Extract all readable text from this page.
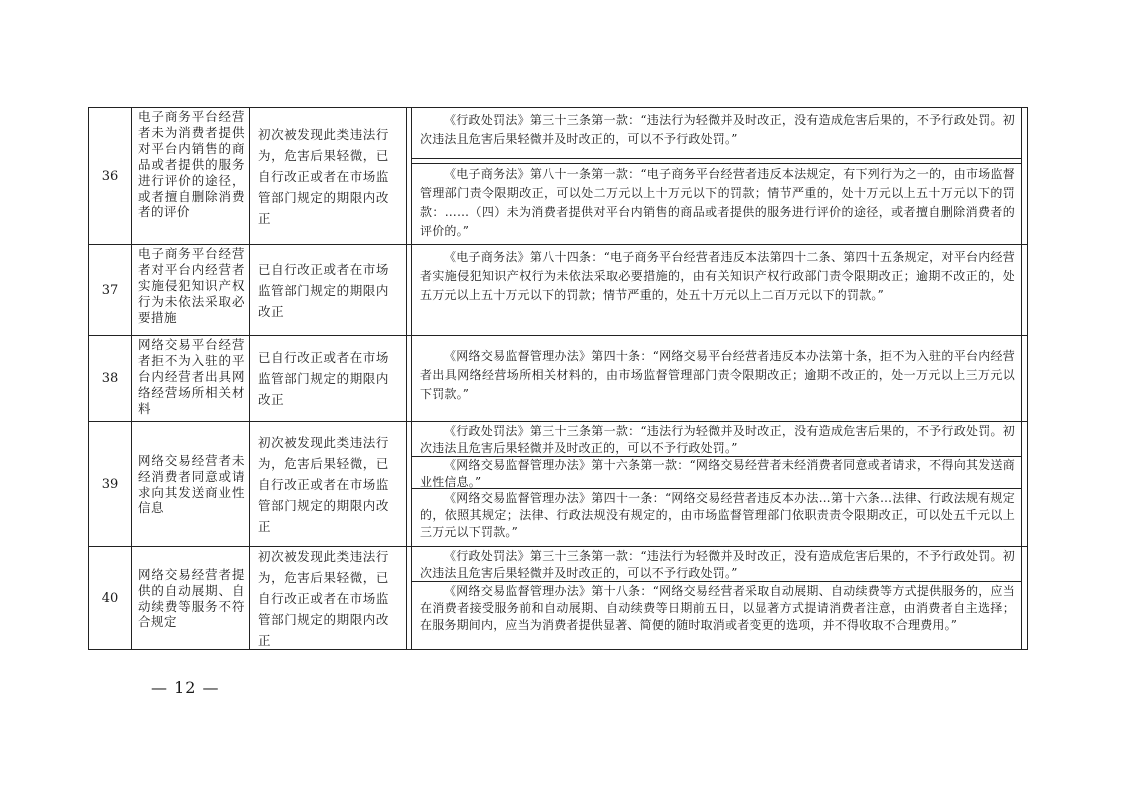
36
电子商务平台经营者未为消费者提供对平台内销售的商品或者提供的服务进行评价的途径，或者擅自删除消费者的评价
初次被发现此类违法行为，危害后果轻微，已自行改正或者在市场监管部门规定的期限内改正
《行政处罚法》第三十三条第一款：“违法行为轻微并及时改正，没有造成危害后果的，不予行政处罚。初次违法且危害后果轻微并及时改正的，可以不予行政处罚。”
《电子商务法》第八十一条第一款：“电子商务平台经营者违反本法规定，有下列行为之一的，由市场监督管理部门责令限期改正，可以处二万元以上十万元以下的罚款；情节严重的，处十万元以上五十万元以下的罚款：……（四）未为消费者提供对平台内销售的商品或者提供的服务进行评价的途径，或者擅自删除消费者的评价的。”
37
电子商务平台经营者对平台内经营者实施侵犯知识产权行为未依法采取必要措施
已自行改正或者在市场监管部门规定的期限内改正
《电子商务法》第八十四条：“电子商务平台经营者违反本法第四十二条、第四十五条规定，对平台内经营者实施侵犯知识产权行为未依法采取必要措施的，由有关知识产权行政部门责令限期改正；逾期不改正的，处五万元以上五十万元以下的罚款；情节严重的，处五十万元以上二百万元以下的罚款。”
38
网络交易平台经营者拒不为入驻的平台内经营者出具网络经营场所相关材料
已自行改正或者在市场监管部门规定的期限内改正
《网络交易监督管理办法》第四十条：“网络交易平台经营者违反本办法第十条，拒不为入驻的平台内经营者出具网络经营场所相关材料的，由市场监督管理部门责令限期改正；逾期不改正的，处一万元以上三万元以下罚款。”
39
网络交易经营者未经消费者同意或请求向其发送商业性信息
初次被发现此类违法行为，危害后果轻微，已自行改正或者在市场监管部门规定的期限内改正
《行政处罚法》第三十三条第一款：“违法行为轻微并及时改正，没有造成危害后果的，不予行政处罚。初次违法且危害后果轻微并及时改正的，可以不予行政处罚。”
《网络交易监督管理办法》第十六条第一款：“网络交易经营者未经消费者同意或者请求，不得向其发送商业性信息。”
《网络交易监督管理办法》第四十一条：“网络交易经营者违反本办法…第十六条…法律、行政法规有规定的，依照其规定；法律、行政法规没有规定的，由市场监督管理部门依职责责令限期改正，可以处五千元以上三万元以下罚款。”
40
网络交易经营者提供的自动展期、自动续费等服务不符合规定
初次被发现此类违法行为，危害后果轻微，已自行改正或者在市场监管部门规定的期限内改正
《行政处罚法》第三十三条第一款：“违法行为轻微并及时改正，没有造成危害后果的，不予行政处罚。初次违法且危害后果轻微并及时改正的，可以不予行政处罚。”
《网络交易监督管理办法》第十八条：“网络交易经营者采取自动展期、自动续费等方式提供服务的，应当在消费者接受服务前和自动展期、自动续费等日期前五日，以显著方式提请消费者注意，由消费者自主选择；在服务期间内，应当为消费者提供显著、简便的随时取消或者变更的选项，并不得收取不合理费用。”
— 12 —
